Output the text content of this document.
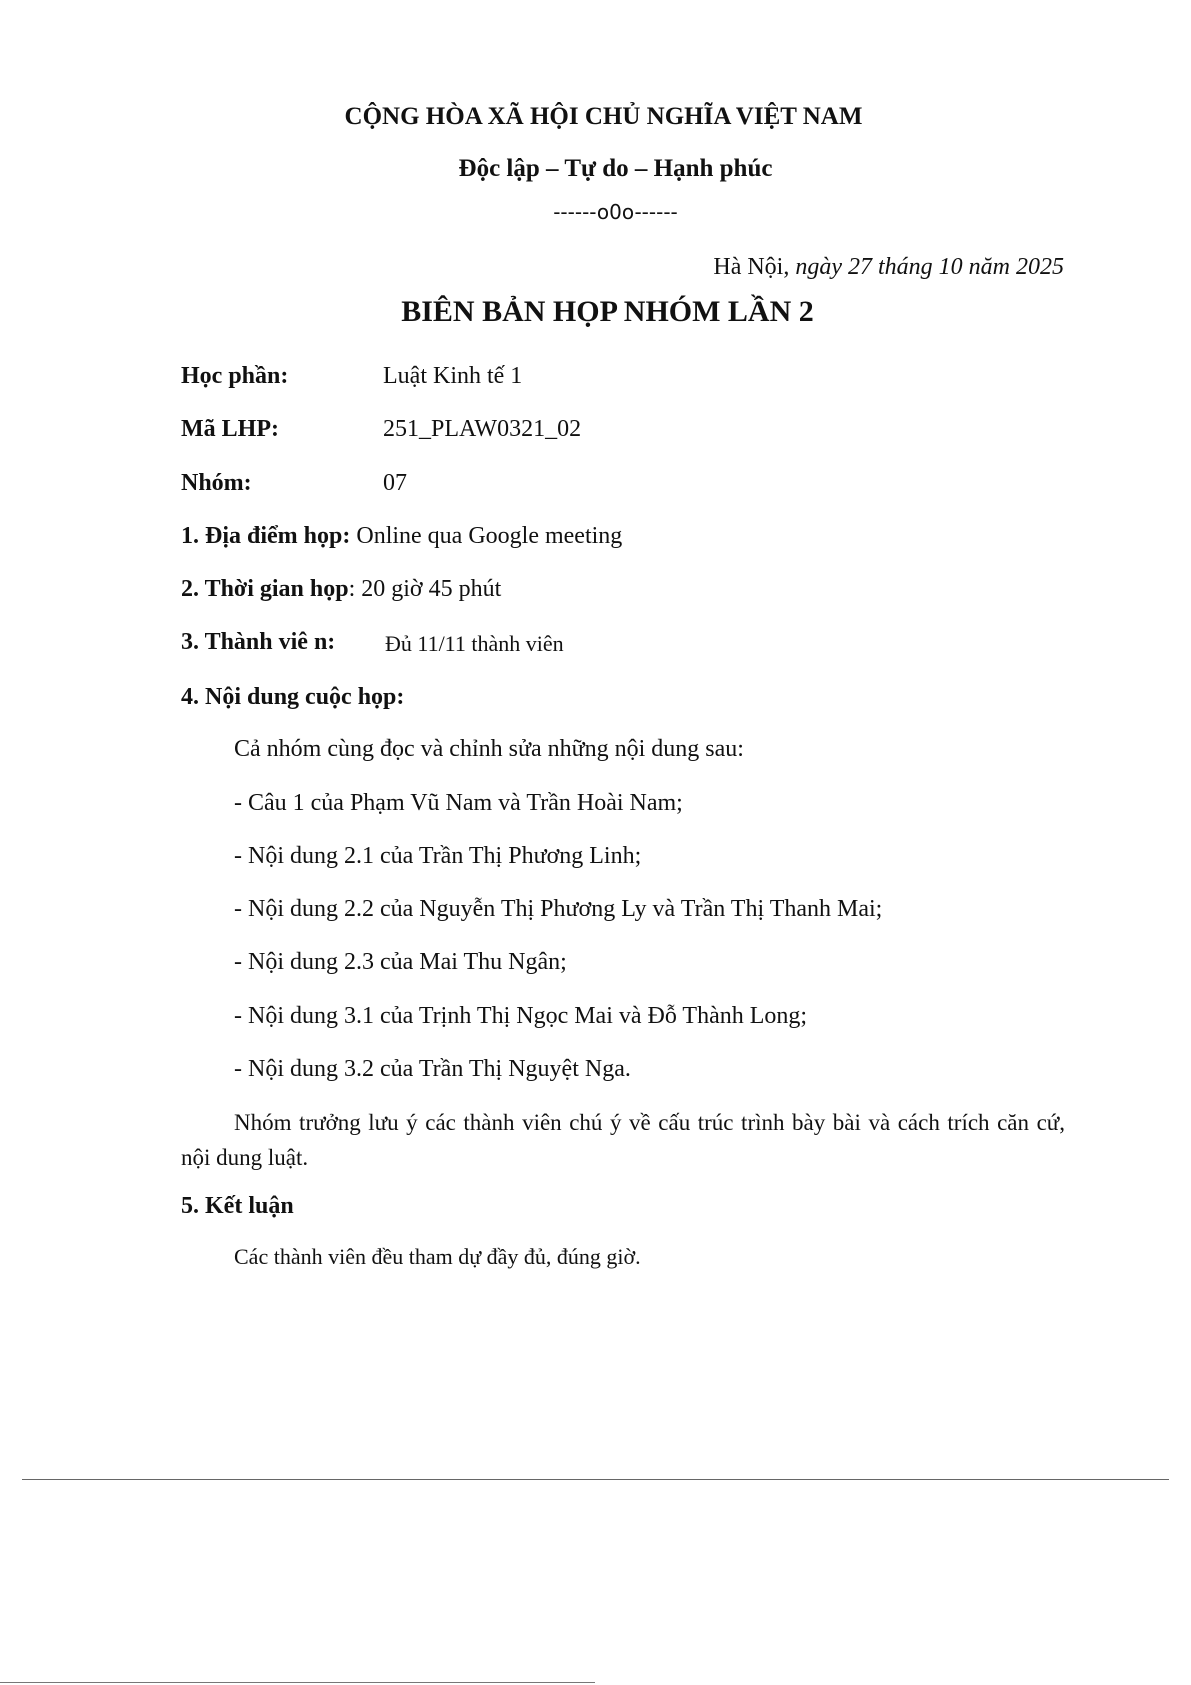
CỘNG HÒA XÃ HỘI CHỦ NGHĨA VIỆT NAM
Độc lập – Tự do – Hạnh phúc
------o0o------
Hà Nội, ngày 27 tháng 10 năm 2025
BIÊN BẢN HỌP NHÓM LẦN 2
Học phần:	Luật Kinh tế 1
Mã LHP:	251_PLAW0321_02
Nhóm:	07
1. Địa điểm họp: Online qua Google meeting
2. Thời gian họp: 20 giờ 45 phút
3. Thành viê n: Đủ 11/11 thành viên
4. Nội dung cuộc họp:
Cả nhóm cùng đọc và chỉnh sửa những nội dung sau:
- Câu 1 của Phạm Vũ Nam và Trần Hoài Nam;
- Nội dung 2.1 của Trần Thị Phương Linh;
- Nội dung 2.2 của Nguyễn Thị Phương Ly và Trần Thị Thanh Mai;
- Nội dung 2.3 của Mai Thu Ngân;
- Nội dung 3.1 của Trịnh Thị Ngọc Mai và Đỗ Thành Long;
- Nội dung 3.2 của Trần Thị Nguyệt Nga.
Nhóm trưởng lưu ý các thành viên chú ý về cấu trúc trình bày bài và cách trích căn cứ, nội dung luật.
5. Kết luận
Các thành viên đều tham dự đầy đủ, đúng giờ.
